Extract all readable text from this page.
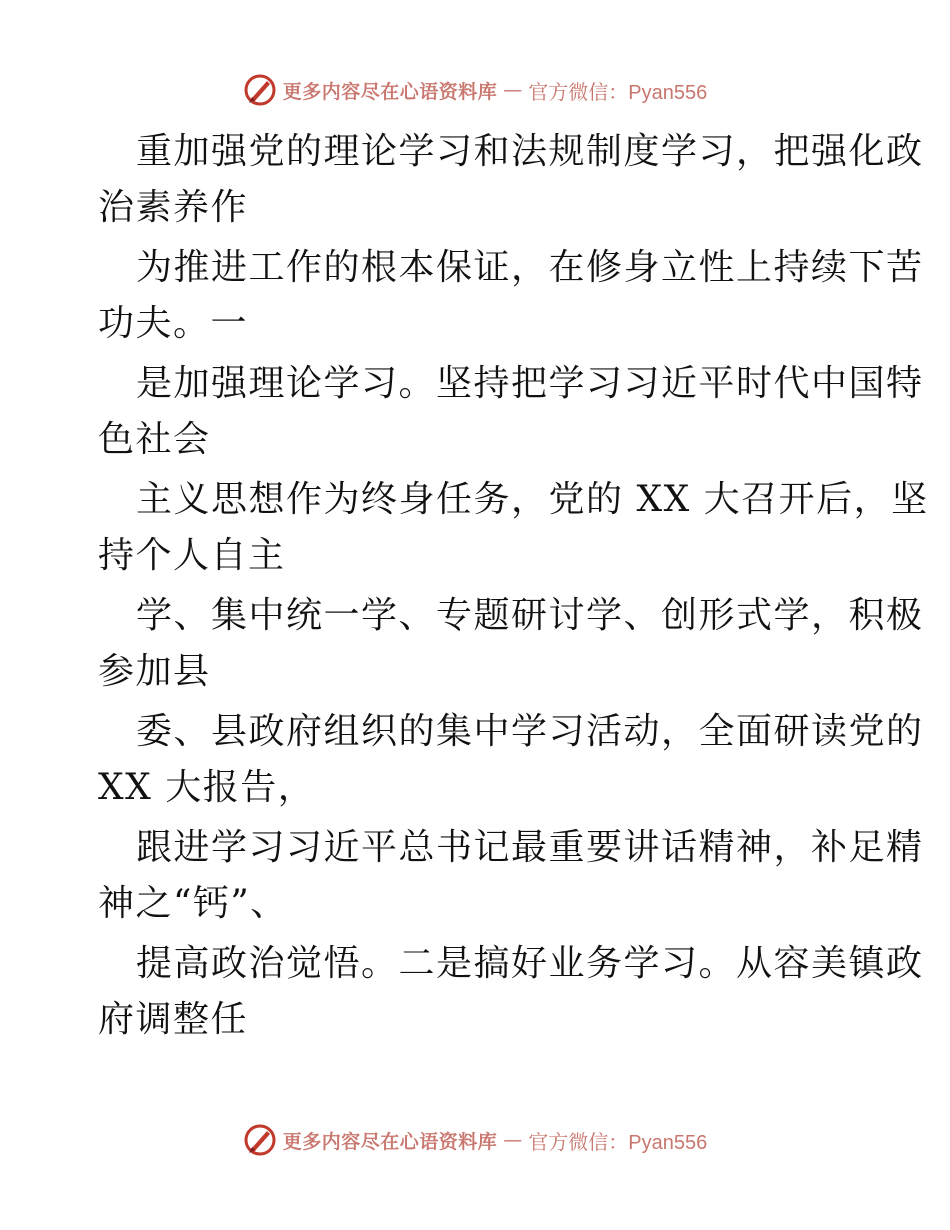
更多内容尽在心语资料库 — 官方微信：Pyan556
重加强党的理论学习和法规制度学习，把强化政
治素养作
为推进工作的根本保证，在修身立性上持续下苦
功夫。一
是加强理论学习。坚持把学习习近平时代中国特
色社会
主义思想作为终身任务，党的 XX 大召开后，坚
持个人自主
学、集中统一学、专题研讨学、创形式学，积极
参加县
委、县政府组织的集中学习活动，全面研读党的
XX 大报告，
跟进学习习近平总书记最重要讲话精神，补足精
神之“钙”、
提高政治觉悟。二是搞好业务学习。从容美镇政
府调整任
更多内容尽在心语资料库 — 官方微信：Pyan556
